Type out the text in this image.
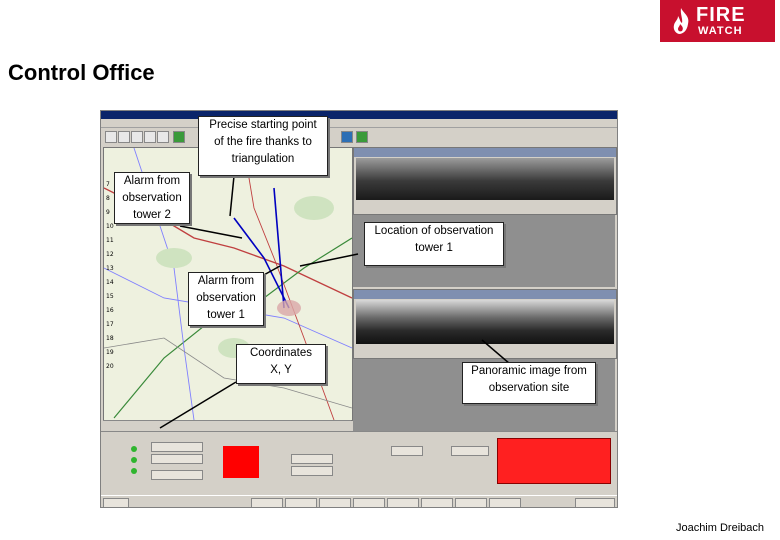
FIRE
WATCH
Control Office
7
8
9
10
11
12
13
14
15
16
17
18
19
20
Precise starting point
of the fire thanks to
triangulation
Alarm from
observation
tower 2
Location of observation
tower 1
Alarm from
observation
tower 1
Coordinates
X, Y	Panoramic image from
observation site
Joachim Dreibach
